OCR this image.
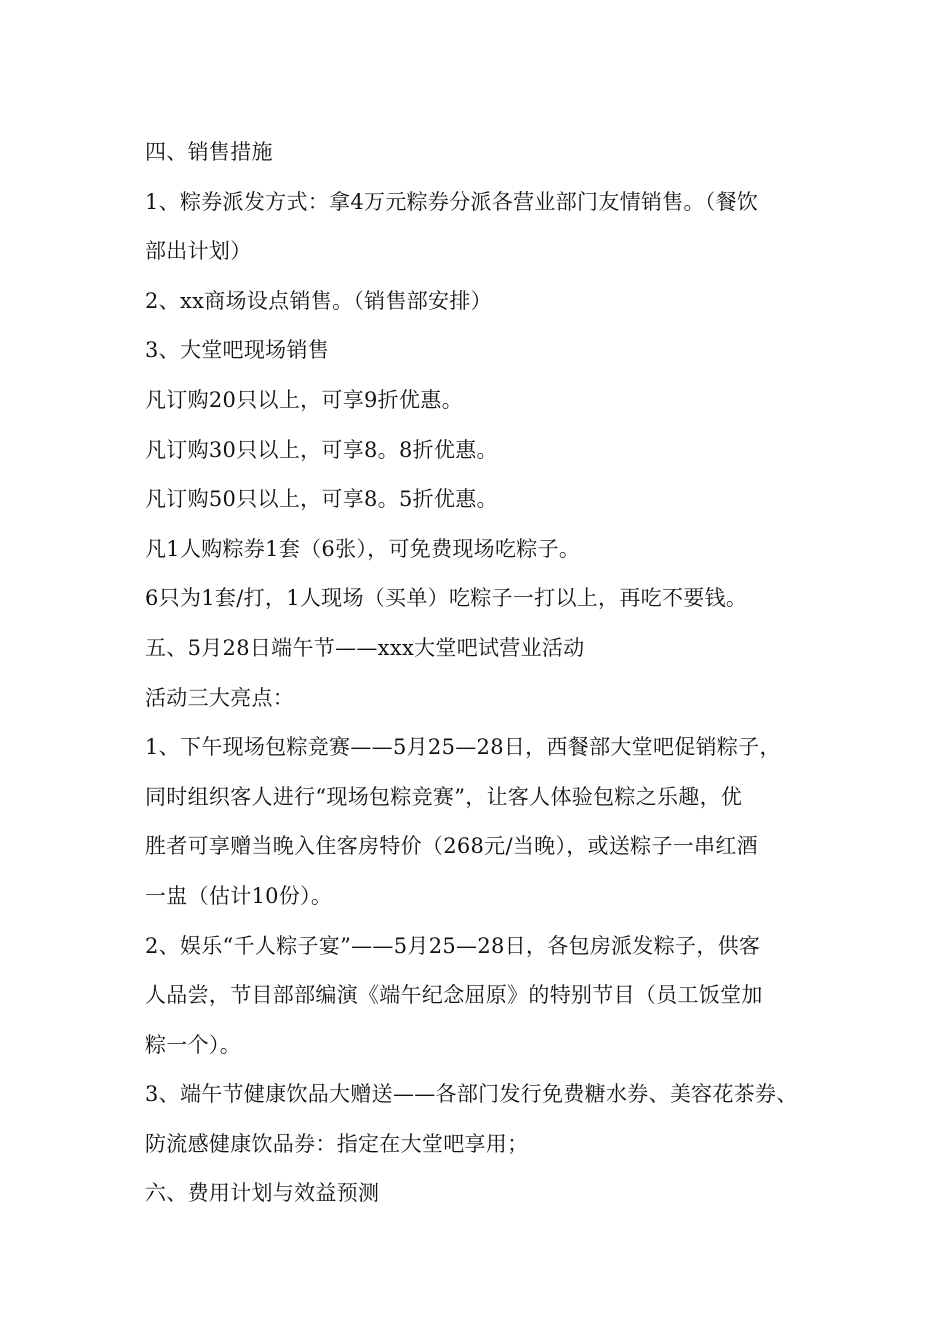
四、销售措施
1、粽券派发方式：拿4万元粽券分派各营业部门友情销售。（餐饮
部出计划）
2、xx商场设点销售。（销售部安排）
3、大堂吧现场销售
凡订购20只以上，可享9折优惠。
凡订购30只以上，可享8。8折优惠。
凡订购50只以上，可享8。5折优惠。
凡1人购粽券1套（6张），可免费现场吃粽子。
6只为1套/打，1人现场（买单）吃粽子一打以上，再吃不要钱。
五、5月28日端午节——xxx大堂吧试营业活动
活动三大亮点：
1、下午现场包粽竞赛——5月25—28日，西餐部大堂吧促销粽子，
同时组织客人进行“现场包粽竞赛”，让客人体验包粽之乐趣，优
胜者可享赠当晚入住客房特价（268元/当晚），或送粽子一串红酒
一盅（估计10份）。
2、娱乐“千人粽子宴”——5月25—28日，各包房派发粽子，供客
人品尝，节目部部编演《端午纪念屈原》的特别节目（员工饭堂加
粽一个）。
3、端午节健康饮品大赠送——各部门发行免费糖水券、美容花茶券、
防流感健康饮品券：指定在大堂吧享用；
六、费用计划与效益预测
